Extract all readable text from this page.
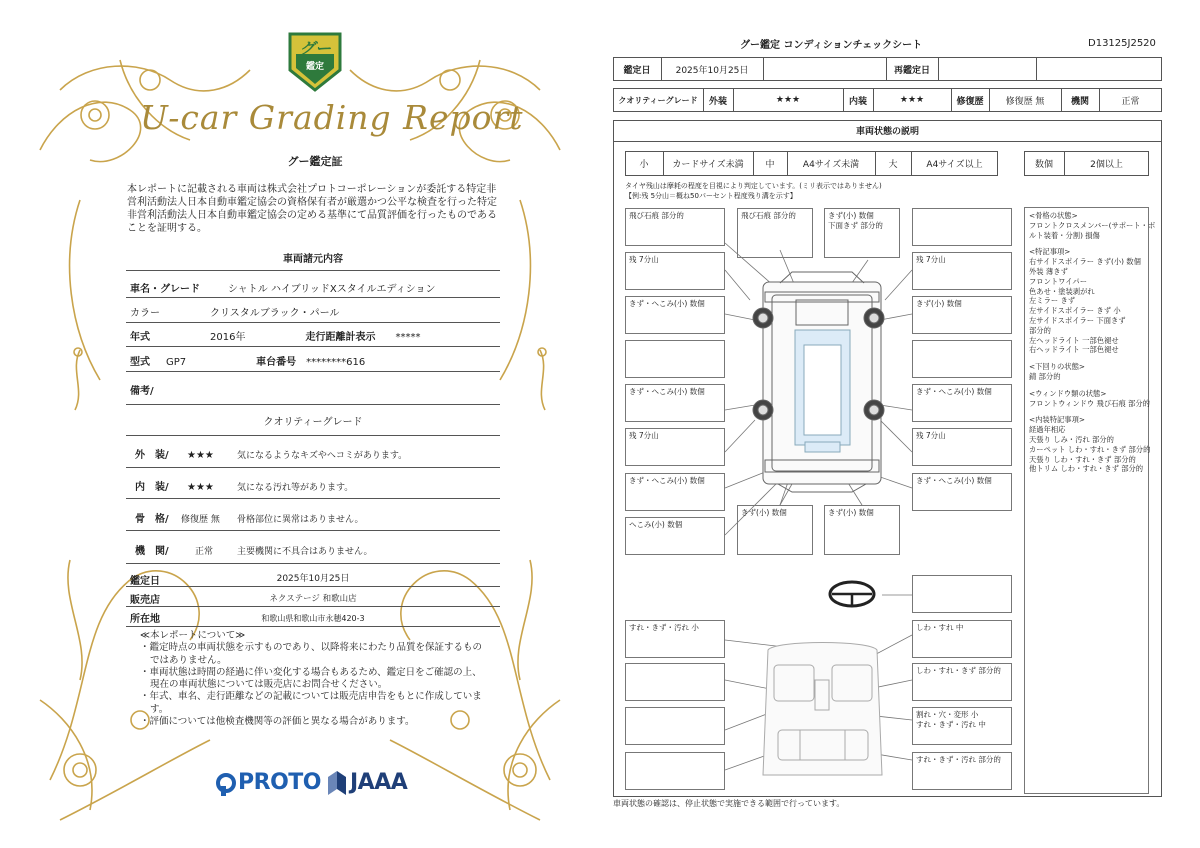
グー
鑑定
U-car Grading Report
グー鑑定証
本レポートに記載される車両は株式会社プロトコーポレーションが委託する特定非営利活動法人日本自動車鑑定協会の資格保有者が厳選かつ公平な検査を行った特定非営利活動法人日本自動車鑑定協会の定める基準にて品質評価を行ったものであることを証明する。
車両諸元内容
車名・グレード	シャトル ハイブリッドXスタイルエディション
カラー	クリスタルブラック・パール
年式	2016年	走行距離計表示 *****
型式 GP7	車台番号 ********616
備考/
クオリティーグレード
外　装/ ★★★	気になるようなキズやヘコミがあります。
内　装/ ★★★	気になる汚れ等があります。
骨　格/ 修復歴 無 骨格部位に異常はありません。
機　関/	正常	主要機関に不具合はありません。
鑑定日	2025年10月25日
販売店	ネクステージ 和歌山店
所在地	和歌山県和歌山市永穂420-3
≪本レポートについて≫
・鑑定時点の車両状態を示すものであり、以降将来にわたり品質を保証するものではありません。
・車両状態は時間の経過に伴い変化する場合もあるため、鑑定日をご確認の上、現在の車両状態については販売店にお問合せください。
・年式、車名、走行距離などの記載については販売店申告をもとに作成しています。
・評価については他検査機関等の評価と異なる場合があります。
PROTO JAAA
グー鑑定 コンディションチェックシート	D13125J2520
鑑定日	2025年10月25日	再鑑定日
クオリティーグレード	外装	★★★	内装	★★★	修復歴	修復歴 無	機関	正常
車両状態の説明
小	カードサイズ未満	中	A4サイズ未満	大	A4サイズ以上	数個	2個以上
タイヤ残山は摩耗の程度を目視により判定しています。(ミリ表示ではありません)
【例:残 5分山＝概ね50パーセント程度残り溝を示す】
飛び石痕 部分的
残 7分山
きず・へこみ(小) 数個
きず・へこみ(小) 数個
残 7分山
きず・へこみ(小) 数個
へこみ(小) 数個
飛び石痕 部分的	きず(小) 数個
下面きず 部分的
残 7分山
きず(小) 数個
きず・へこみ(小) 数個
残 7分山
きず・へこみ(小) 数個
きず(小) 数個	きず(小) 数個
すれ・きず・汚れ 小	しわ・すれ 中
しわ・すれ・きず 部分的
割れ・穴・変形 小
すれ・きず・汚れ 中
すれ・きず・汚れ 部分的
<骨格の状態>
フロントクロスメンバー(サポート・ボ
ルト装着・分割) 損傷
<特記事項>
右サイドスポイラー きず(小) 数個
外装 薄きず
フロントワイパー
色あせ・塗装剥がれ
左ミラー きず
左サイドスポイラー きず 小
左サイドスポイラー 下面きず
部分的
左ヘッドライト 一部色褪せ
右ヘッドライト 一部色褪せ
<下回りの状態>
錆 部分的
<ウィンドウ類の状態>
フロントウィンドウ 飛び石痕 部分的
<内装特記事項>
経過年相応
天張り しみ・汚れ 部分的
カーペット しわ・すれ・きず 部分的
天張り しわ・すれ・きず 部分的
他トリム しわ・すれ・きず 部分的
車両状態の確認は、停止状態で実施できる範囲で行っています。
